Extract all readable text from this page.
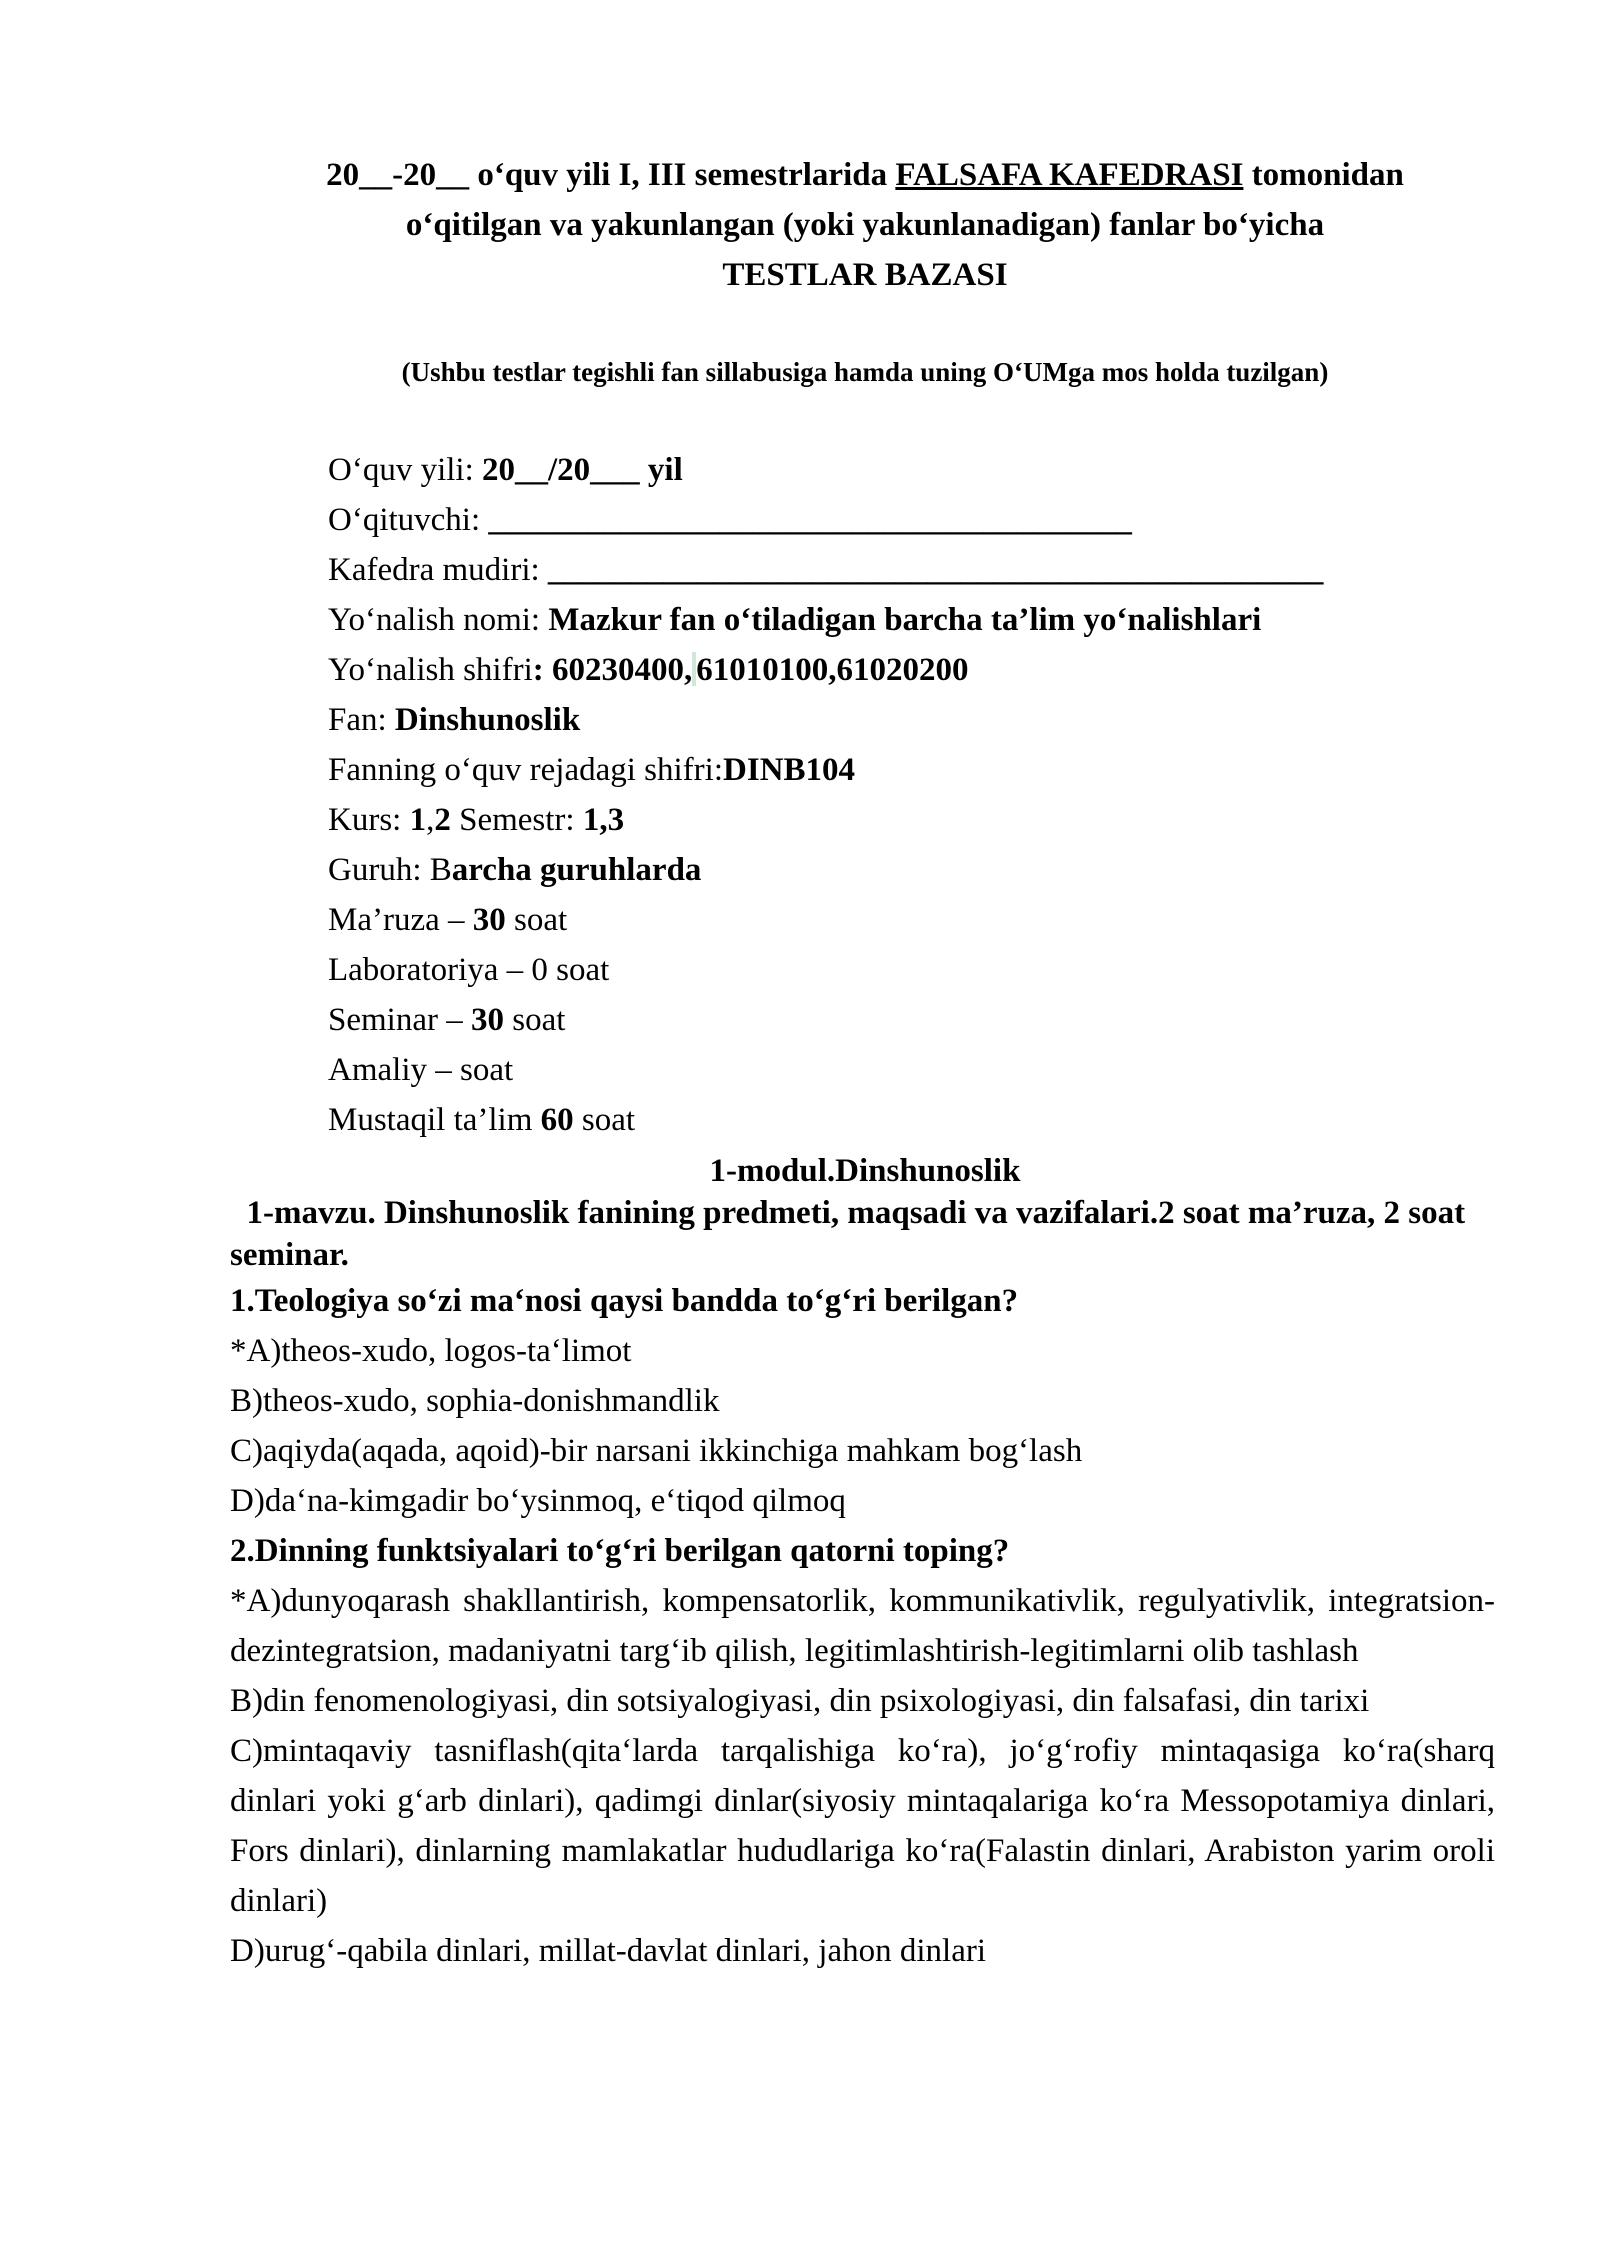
20__-20__ o‘quv yili I, III semestrlarida FALSAFA KAFEDRASI tomonidan
o‘qitilgan va yakunlangan (yoki yakunlanadigan) fanlar bo‘yicha
TESTLAR BAZASI
(Ushbu testlar tegishli fan sillabusiga hamda uning O‘UMga mos holda tuzilgan)
O‘quv yili: 20__/20___ yil
O‘qituvchi: _______________________________________
Kafedra mudiri: _______________________________________________
Yo‘nalish nomi: Mazkur fan o‘tiladigan barcha ta’lim yo‘nalishlari
Yo‘nalish shifri: 60230400, 61010100,61020200
Fan: Dinshunoslik
Fanning o‘quv rejadagi shifri:DINB104
Kurs: 1,2 Semestr: 1,3
Guruh: Barcha guruhlarda
Ma’ruza – 30 soat
Laboratoriya – 0 soat
Seminar – 30 soat
Amaliy – soat
Mustaqil ta’lim 60 soat
1-modul.Dinshunoslik
1-mavzu. Dinshunoslik fanining predmeti, maqsadi va vazifalari.2 soat ma’ruza, 2 soat seminar.
1.Teologiya so‘zi ma‘nosi qaysi bandda to‘g‘ri berilgan?
*A)theos-xudo, logos-ta‘limot
B)theos-xudo, sophia-donishmandlik
C)aqiyda(aqada, aqoid)-bir narsani ikkinchiga mahkam bog‘lash
D)da‘na-kimgadir bo‘ysinmoq, e‘tiqod qilmoq
2.Dinning funktsiyalari to‘g‘ri berilgan qatorni toping?
*A)dunyoqarash shakllantirish, kompensatorlik, kommunikativlik, regulyativlik, integratsion-dezintegratsion, madaniyatni targ‘ib qilish, legitimlashtirish-legitimlarni olib tashlash
B)din fenomenologiyasi, din sotsiyalogiyasi, din psixologiyasi, din falsafasi, din tarixi
C)mintaqaviy tasniflash(qita‘larda tarqalishiga ko‘ra), jo‘g‘rofiy mintaqasiga ko‘ra(sharq dinlari yoki g‘arb dinlari), qadimgi dinlar(siyosiy mintaqalariga ko‘ra Messopotamiya dinlari, Fors dinlari), dinlarning mamlakatlar hududlariga ko‘ra(Falastin dinlari, Arabiston yarim oroli dinlari)
D)urug‘-qabila dinlari, millat-davlat dinlari, jahon dinlari
